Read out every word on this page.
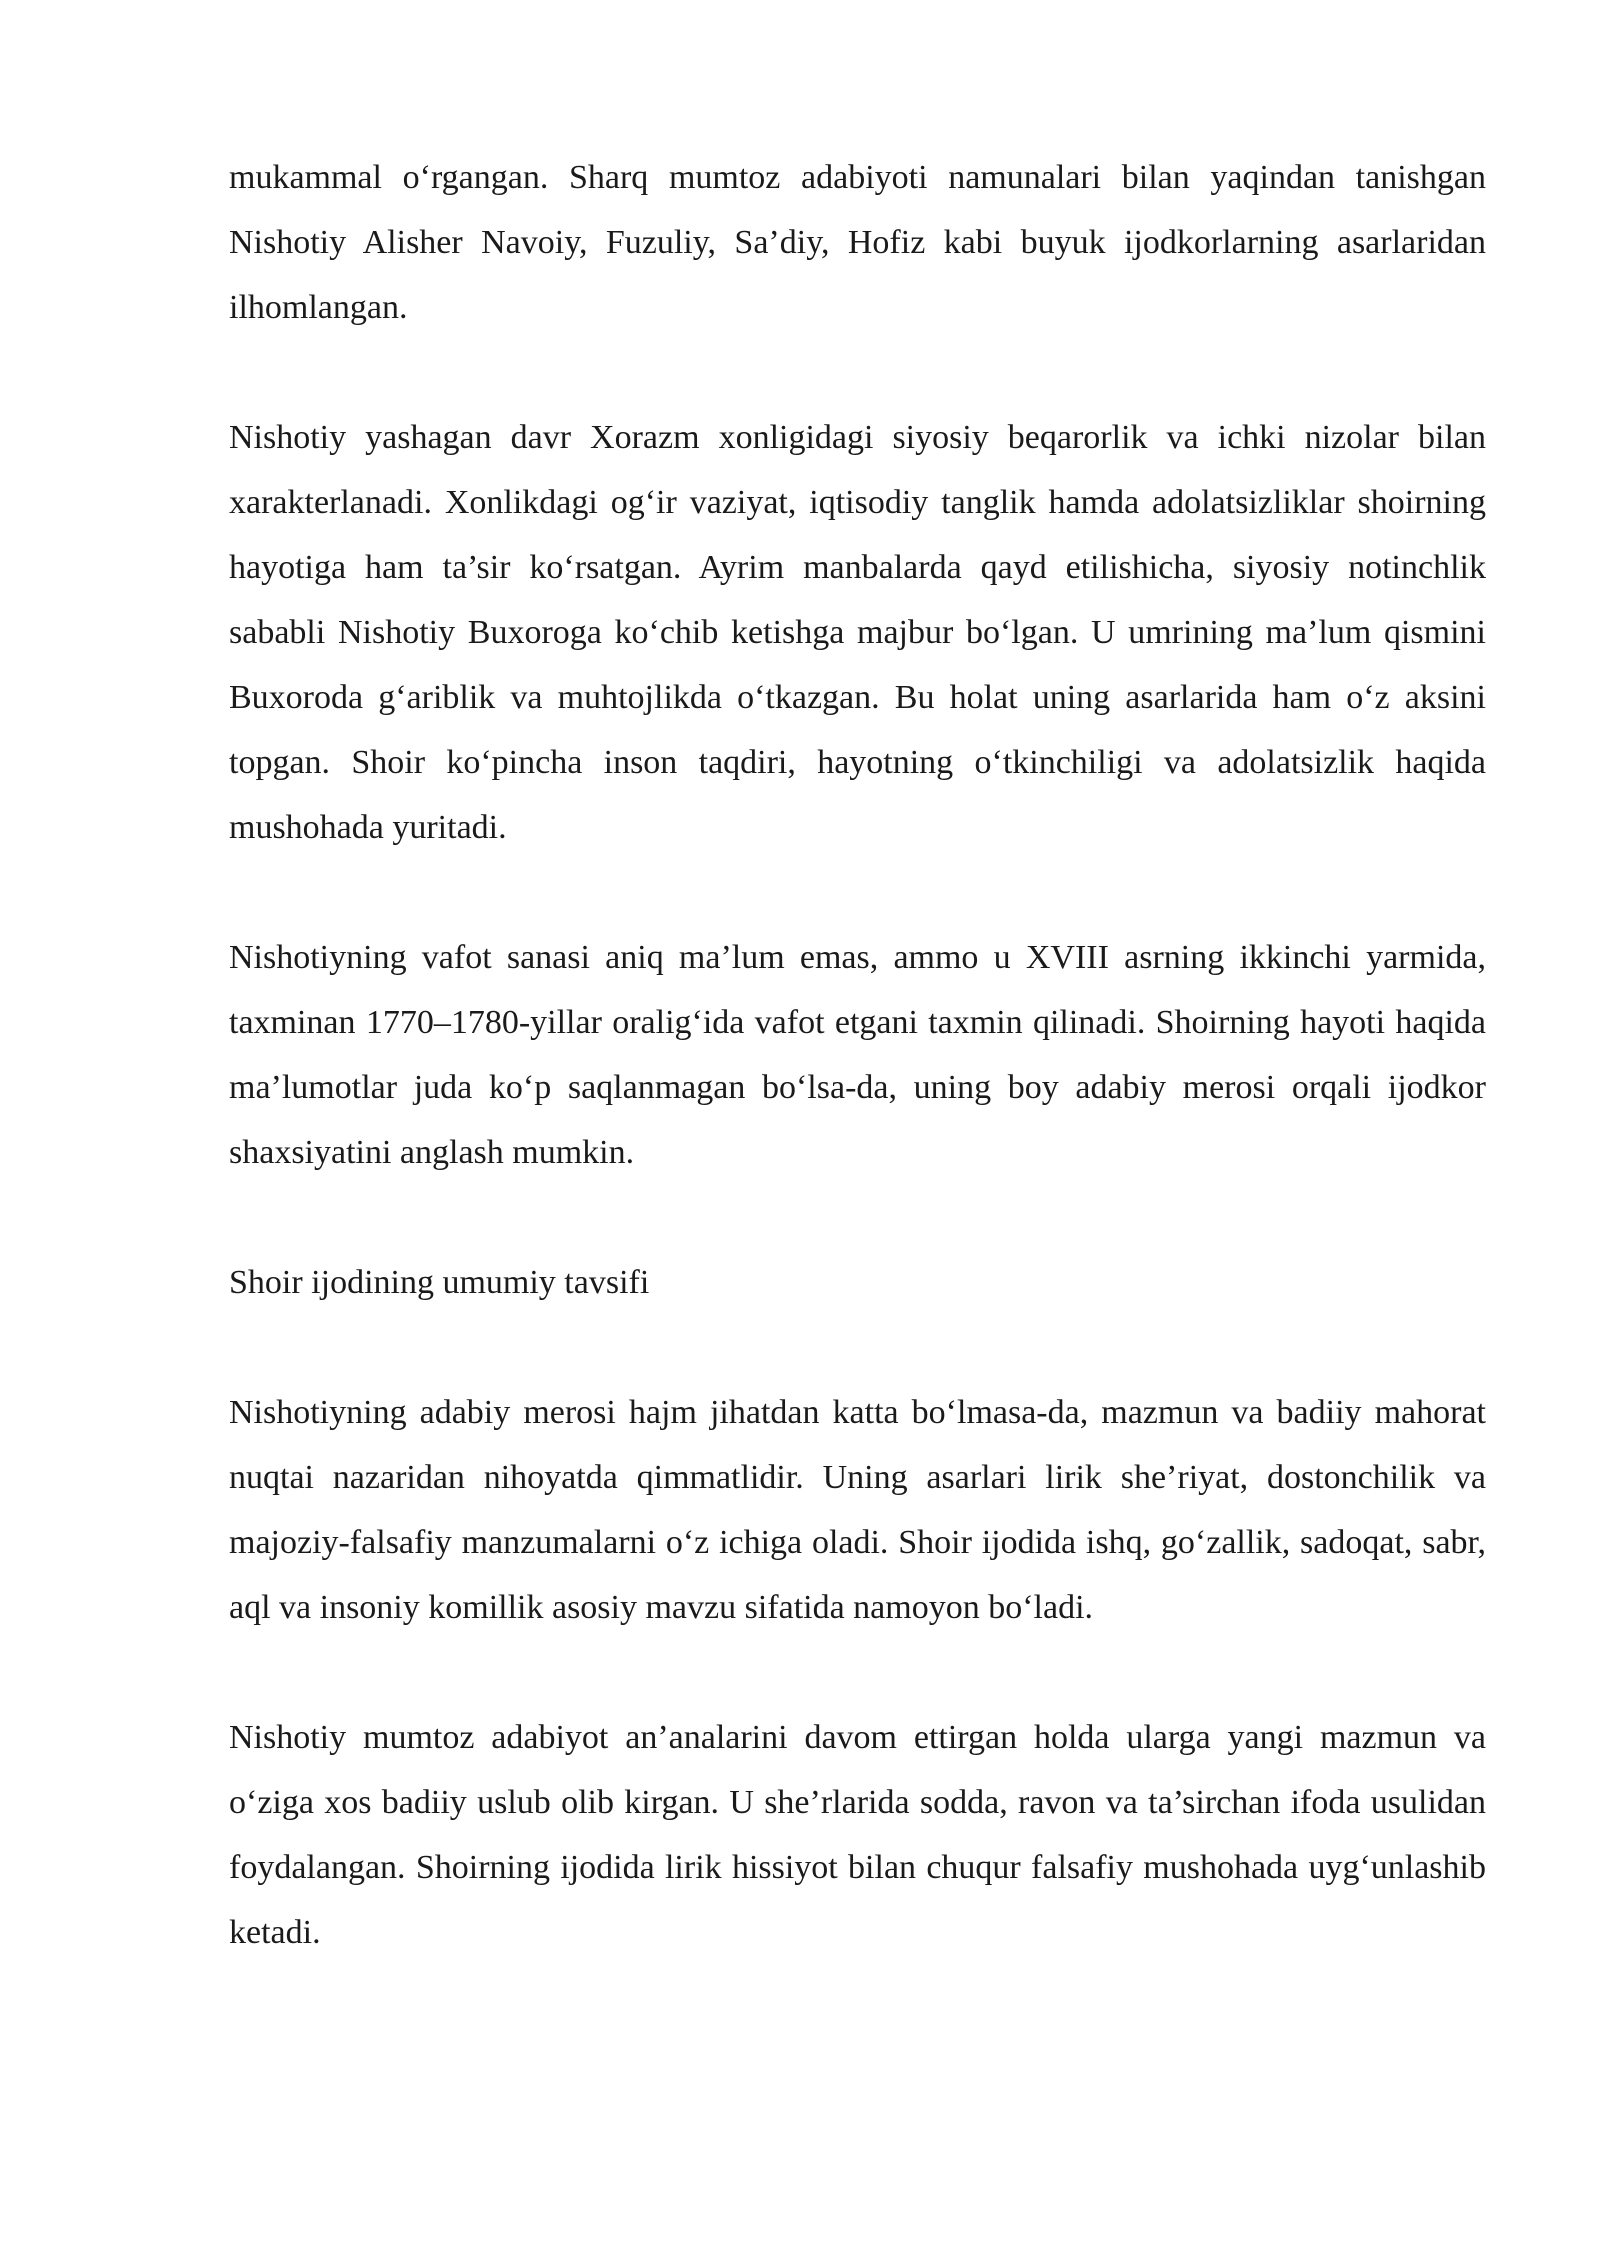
mukammal oʻrgangan. Sharq mumtoz adabiyoti namunalari bilan yaqindan tanishgan Nishotiy Alisher Navoiy, Fuzuliy, Sa’diy, Hofiz kabi buyuk ijodkorlarning asarlaridan ilhomlangan.

Nishotiy yashagan davr Xorazm xonligidagi siyosiy beqarorlik va ichki nizolar bilan xarakterlanadi. Xonlikdagi ogʻir vaziyat, iqtisodiy tanglik hamda adolatsizliklar shoirning hayotiga ham ta’sir koʻrsatgan. Ayrim manbalarda qayd etilishicha, siyosiy notinchlik sababli Nishotiy Buxoroga koʻchib ketishga majbur boʻlgan. U umrining ma’lum qismini Buxoroda gʻariblik va muhtojlikda oʻtkazgan. Bu holat uning asarlarida ham oʻz aksini topgan. Shoir koʻpincha inson taqdiri, hayotning oʻtkinchiligi va adolatsizlik haqida mushohada yuritadi.

Nishotiyning vafot sanasi aniq ma’lum emas, ammo u XVIII asrning ikkinchi yarmida, taxminan 1770–1780-yillar oraligʻida vafot etgani taxmin qilinadi. Shoirning hayoti haqida ma’lumotlar juda koʻp saqlanmagan boʻlsa-da, uning boy adabiy merosi orqali ijodkor shaxsiyatini anglash mumkin.

Shoir ijodining umumiy tavsifi

Nishotiyning adabiy merosi hajm jihatdan katta boʻlmasa-da, mazmun va badiiy mahorat nuqtai nazaridan nihoyatda qimmatlidir. Uning asarlari lirik she’riyat, dostonchilik va majoziy-falsafiy manzumalarni oʻz ichiga oladi. Shoir ijodida ishq, goʻzallik, sadoqat, sabr, aql va insoniy komillik asosiy mavzu sifatida namoyon boʻladi.

Nishotiy mumtoz adabiyot an’analarini davom ettirgan holda ularga yangi mazmun va oʻziga xos badiiy uslub olib kirgan. U she’rlarida sodda, ravon va ta’sirchan ifoda usulidan foydalangan. Shoirning ijodida lirik hissiyot bilan chuqur falsafiy mushohada uygʻunlashib ketadi.
